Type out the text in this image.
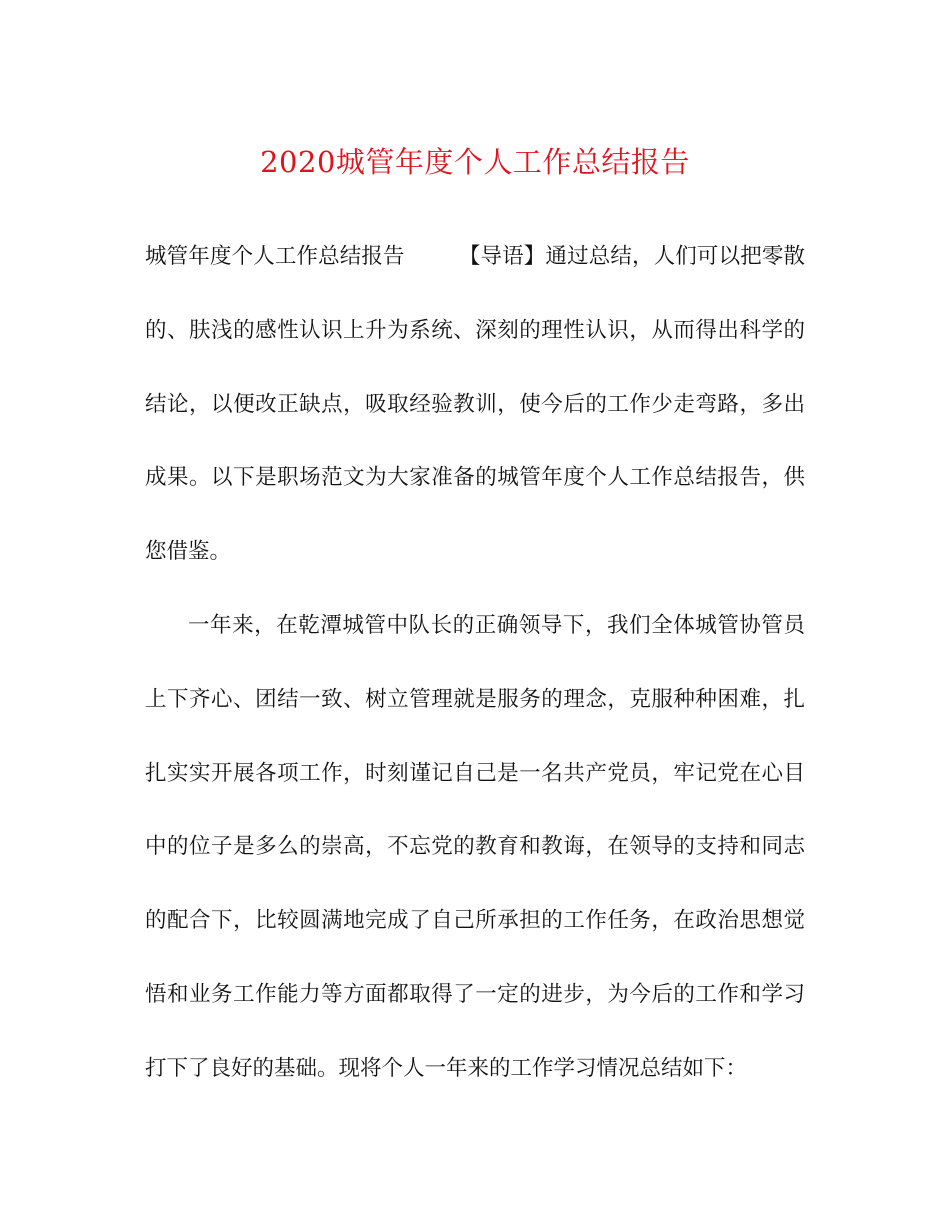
2020城管年度个人工作总结报告

城管年度个人工作总结报告　　　【导语】通过总结，人们可以把零散的、肤浅的感性认识上升为系统、深刻的理性认识，从而得出科学的结论，以便改正缺点，吸取经验教训，使今后的工作少走弯路，多出成果。以下是职场范文为大家准备的城管年度个人工作总结报告，供您借鉴。

一年来，在乾潭城管中队长的正确领导下，我们全体城管协管员上下齐心、团结一致、树立管理就是服务的理念，克服种种困难，扎扎实实开展各项工作，时刻谨记自己是一名共产党员，牢记党在心目中的位子是多么的崇高，不忘党的教育和教诲，在领导的支持和同志的配合下，比较圆满地完成了自己所承担的工作任务，在政治思想觉悟和业务工作能力等方面都取得了一定的进步，为今后的工作和学习打下了良好的基础。现将个人一年来的工作学习情况总结如下：
